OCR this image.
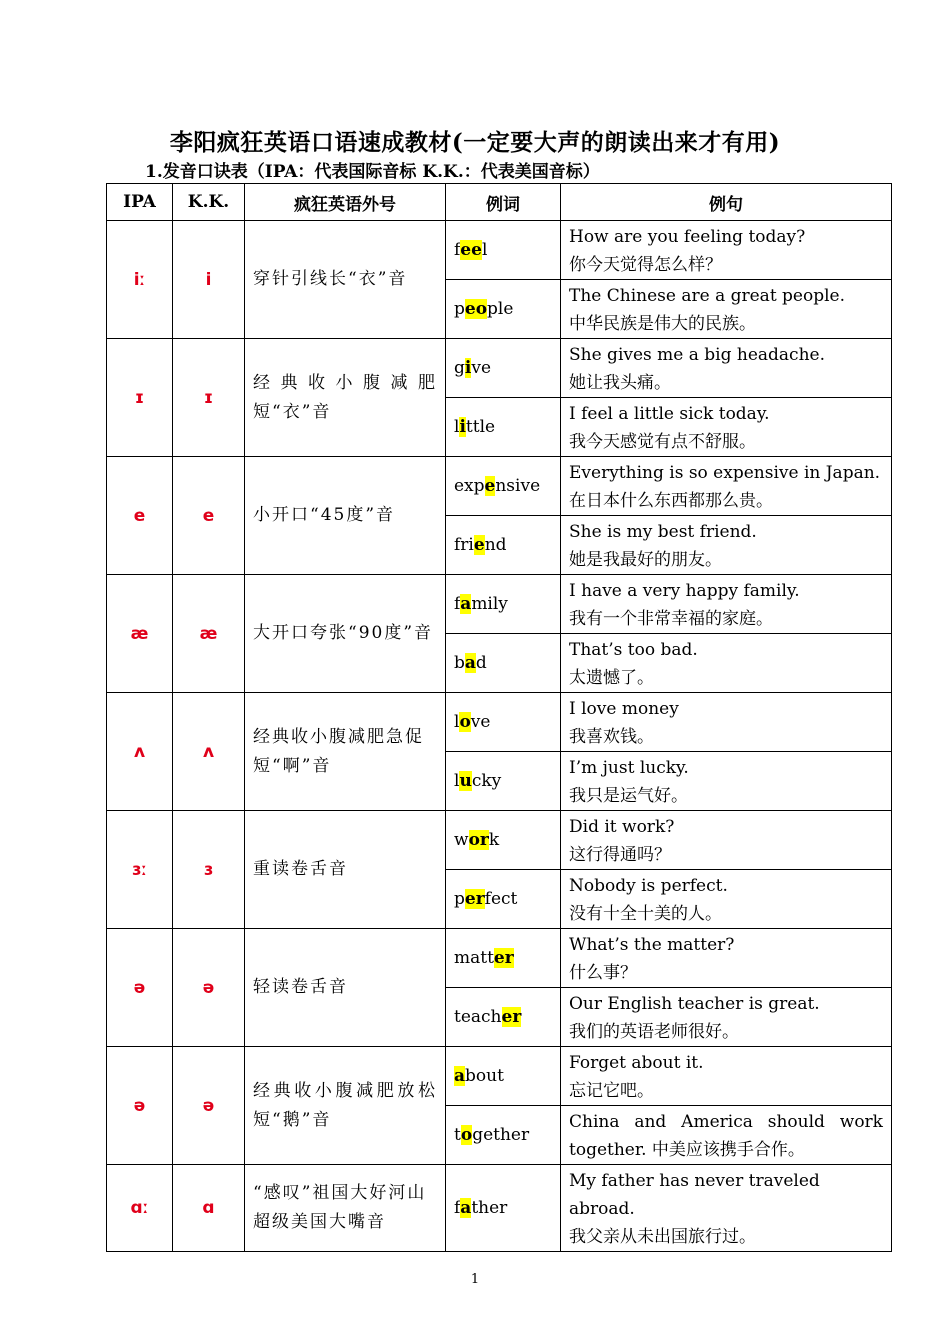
李阳疯狂英语口语速成教材(一定要大声的朗读出来才有用)
1.发音口诀表（IPA：代表国际音标 K.K.：代表美国音标）
IPA	K.K.	疯狂英语外号	例词	例句
iː	i	穿针引线长“衣”音	feel	How are you feeling today?
你今天觉得怎么样？

			people	The Chinese are a great people.
中华民族是伟大的民族。

ɪ	ɪ	经典收小腹减肥短“衣”音	give	She gives me a big headache.
她让我头痛。

			little	I feel a little sick today.
我今天感觉有点不舒服。

e	e	小开口“45度”音	expensive	Everything is so expensive in Japan.
在日本什么东西都那么贵。

			friend	She is my best friend.
她是我最好的朋友。

æ	æ	大开口夸张“90度”音	family	I have a very happy family.
我有一个非常幸福的家庭。

			bad	That’s too bad.
太遗憾了。

ʌ	ʌ	经典收小腹减肥急促短“啊”音	love	I love money
我喜欢钱。

			lucky	I’m just lucky.
我只是运气好。

ɜː	ɜ	重读卷舌音	work	Did it work?
这行得通吗？

			perfect	Nobody is perfect.
没有十全十美的人。

ə	ə	轻读卷舌音	matter	What’s the matter?
什么事？

			teacher	Our English teacher is great.
我们的英语老师很好。

ə	ə	经典收小腹减肥放松短“鹅”音	about	Forget about it.
忘记它吧。

			together	China and America should work
together. 中美应该携手合作。

ɑː	ɑ	“感叹”祖国大好河山超级美国大嘴音	father	My father has never traveled abroad.
我父亲从未出国旅行过。
1
